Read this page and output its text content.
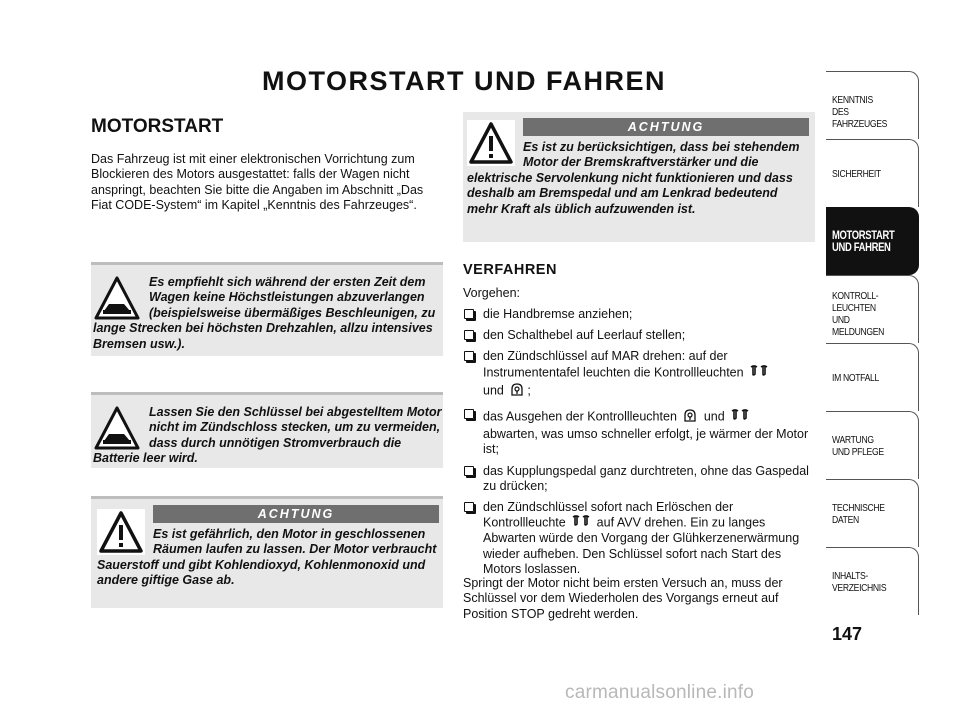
MOTORSTART UND FAHREN
MOTORSTART

Das Fahrzeug ist mit einer elektronischen Vorrichtung zum Blockieren des Motors ausgestattet: falls der Wagen nicht anspringt, beachten Sie bitte die Angaben im Abschnitt „Das Fiat CODE-System“ im Kapitel „Kenntnis des Fahrzeuges“.

Es empfiehlt sich während der ersten Zeit dem Wagen keine Höchstleistungen abzuverlangen (beispielsweise übermäßiges Beschleunigen, zu lange Strecken bei höchsten Drehzahlen, allzu intensives Bremsen usw.).

Lassen Sie den Schlüssel bei abgestelltem Motor nicht im Zündschloss stecken, um zu vermeiden, dass durch unnötigen Stromverbrauch die Batterie leer wird.

ACHTUNG

Es ist gefährlich, den Motor in geschlossenen Räumen laufen zu lassen. Der Motor verbraucht Sauerstoff und gibt Kohlendioxyd, Kohlenmonoxid und andere giftige Gase ab.

ACHTUNG

Es ist zu berücksichtigen, dass bei stehendem Motor der Bremskraftverstärker und die elektrische Servolenkung nicht funktionieren und dass deshalb am Bremspedal und am Lenkrad bedeutend mehr Kraft als üblich aufzuwenden ist.

VERFAHREN

Vorgehen:

die Handbremse anziehen;
den Schalthebel auf Leerlauf stellen;
den Zündschlüssel auf MAR drehen: auf der Instrumententafel leuchten die Kontrollleuchten
und ;
das Ausgehen der Kontrollleuchten und
abwarten, was umso schneller erfolgt, je wärmer der Motor ist;
das Kupplungspedal ganz durchtreten, ohne das Gaspedal zu drücken;
den Zündschlüssel sofort nach Erlöschen der Kontrollleuchte auf AVV drehen. Ein zu langes Abwarten würde den Vorgang der Glühkerzenerwärmung wieder aufheben. Den Schlüssel sofort nach Start des Motors loslassen.

Springt der Motor nicht beim ersten Versuch an, muss der Schlüssel vor dem Wiederholen des Vorgangs erneut auf Position STOP gedreht werden.

KENNTNIS
DES FAHRZEUGES
SICHERHEIT
MOTORSTART
UND FAHREN
KONTROLL-
LEUCHTEN
UND MELDUNGEN
IM NOTFALL
WARTUNG
UND PFLEGE
TECHNISCHE
DATEN
INHALTS-
VERZEICHNIS

147

carmanualsonline.info
